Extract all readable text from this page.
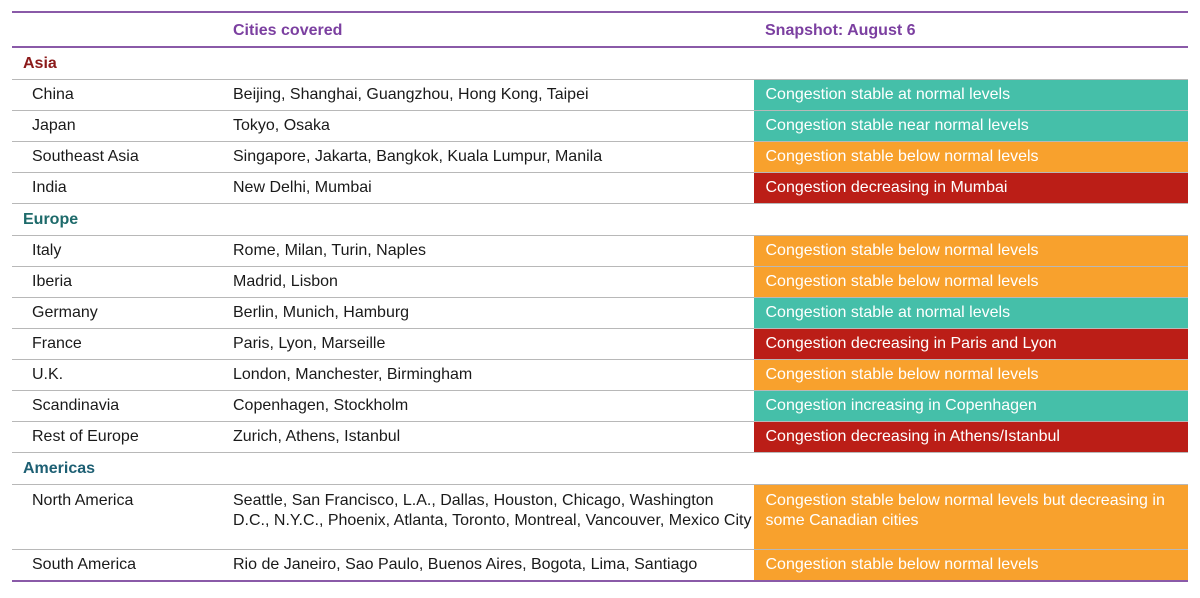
	Cities covered	Snapshot: August 6
Asia		
China	Beijing, Shanghai, Guangzhou, Hong Kong, Taipei	Congestion stable at normal levels
Japan	Tokyo, Osaka	Congestion stable near normal levels
Southeast Asia	Singapore, Jakarta, Bangkok, Kuala Lumpur, Manila	Congestion stable below normal levels
India	New Delhi, Mumbai	Congestion decreasing in Mumbai
Europe		
Italy	Rome, Milan, Turin, Naples	Congestion stable below normal levels
Iberia	Madrid, Lisbon	Congestion stable below normal levels
Germany	Berlin, Munich, Hamburg	Congestion stable at normal levels
France	Paris, Lyon, Marseille	Congestion decreasing in Paris and Lyon
U.K.	London, Manchester, Birmingham	Congestion stable below normal levels
Scandinavia	Copenhagen, Stockholm	Congestion increasing in Copenhagen
Rest of Europe	Zurich, Athens, Istanbul	Congestion decreasing in Athens/Istanbul
Americas		
North America	Seattle, San Francisco, L.A., Dallas, Houston, Chicago, Washington D.C., N.Y.C., Phoenix, Atlanta, Toronto, Montreal, Vancouver, Mexico City	Congestion stable below normal levels but decreasing in some Canadian cities
South America	Rio de Janeiro, Sao Paulo, Buenos Aires, Bogota, Lima, Santiago	Congestion stable below normal levels
